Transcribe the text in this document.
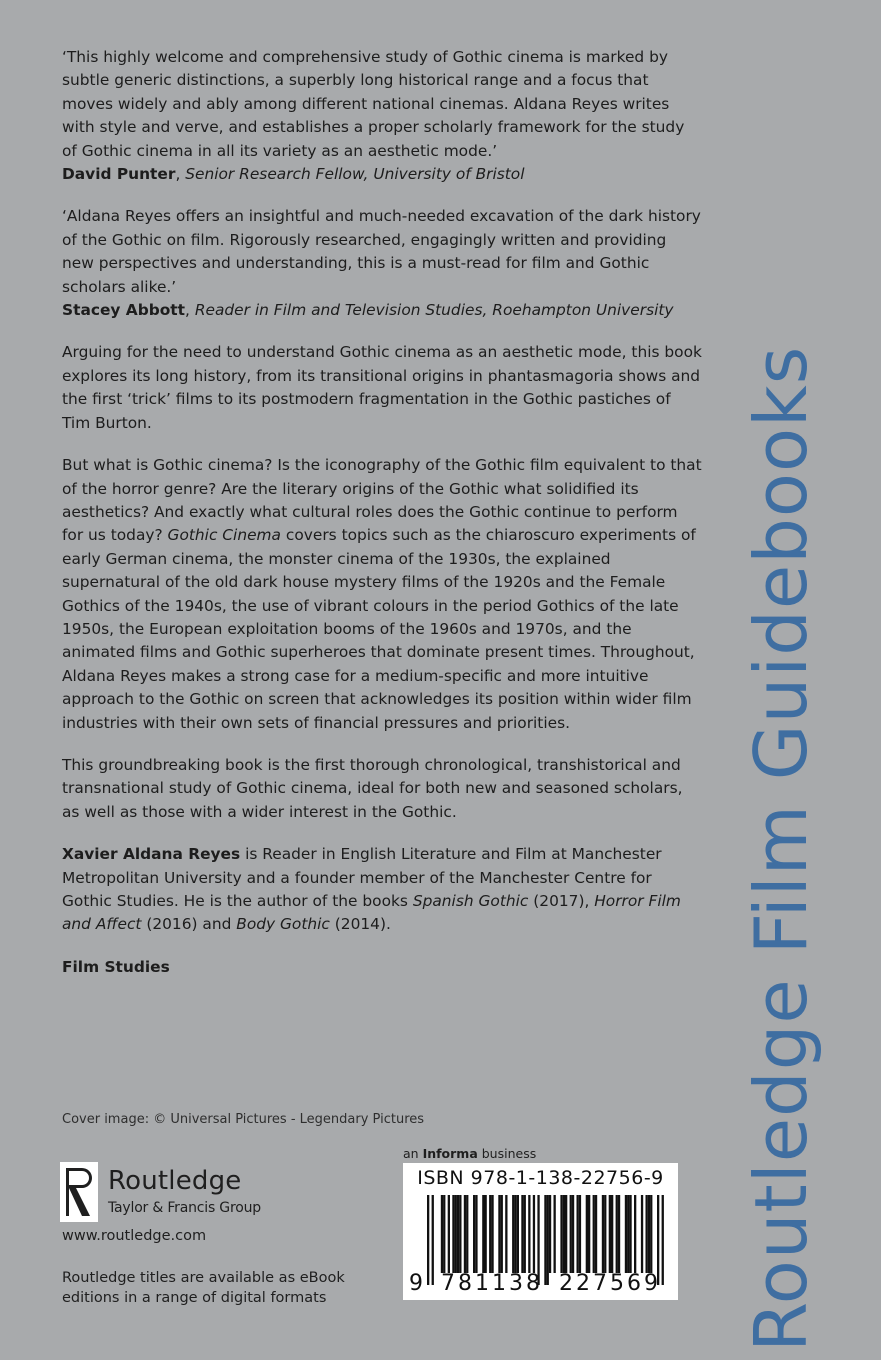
‘This highly welcome and comprehensive study of Gothic cinema is marked by subtle generic distinctions, a superbly long historical range and a focus that moves widely and ably among different national cinemas. Aldana Reyes writes with style and verve, and establishes a proper scholarly framework for the study of Gothic cinema in all its variety as an aesthetic mode.’
David Punter, Senior Research Fellow, University of Bristol
‘Aldana Reyes offers an insightful and much-needed excavation of the dark history of the Gothic on film. Rigorously researched, engagingly written and providing new perspectives and understanding, this is a must-read for film and Gothic scholars alike.’
Stacey Abbott, Reader in Film and Television Studies, Roehampton University
Arguing for the need to understand Gothic cinema as an aesthetic mode, this book explores its long history, from its transitional origins in phantasmagoria shows and the first ‘trick’ films to its postmodern fragmentation in the Gothic pastiches of Tim Burton.
But what is Gothic cinema? Is the iconography of the Gothic film equivalent to that of the horror genre? Are the literary origins of the Gothic what solidified its aesthetics? And exactly what cultural roles does the Gothic continue to perform for us today? Gothic Cinema covers topics such as the chiaroscuro experiments of early German cinema, the monster cinema of the 1930s, the explained supernatural of the old dark house mystery films of the 1920s and the Female Gothics of the 1940s, the use of vibrant colours in the period Gothics of the late 1950s, the European exploitation booms of the 1960s and 1970s, and the animated films and Gothic superheroes that dominate present times. Throughout, Aldana Reyes makes a strong case for a medium-specific and more intuitive approach to the Gothic on screen that acknowledges its position within wider film industries with their own sets of financial pressures and priorities.
This groundbreaking book is the first thorough chronological, transhistorical and transnational study of Gothic cinema, ideal for both new and seasoned scholars, as well as those with a wider interest in the Gothic.
Xavier Aldana Reyes is Reader in English Literature and Film at Manchester Metropolitan University and a founder member of the Manchester Centre for Gothic Studies. He is the author of the books Spanish Gothic (2017), Horror Film and Affect (2016) and Body Gothic (2014).
Film Studies
Cover image: © Universal Pictures - Legendary Pictures
Routledge
Taylor & Francis Group
www.routledge.com
Routledge titles are available as eBook editions in a range of digital formats
an Informa business
ISBN 978-1-138-22756-9
9 781138 227569 Routledge Film Guidebooks
